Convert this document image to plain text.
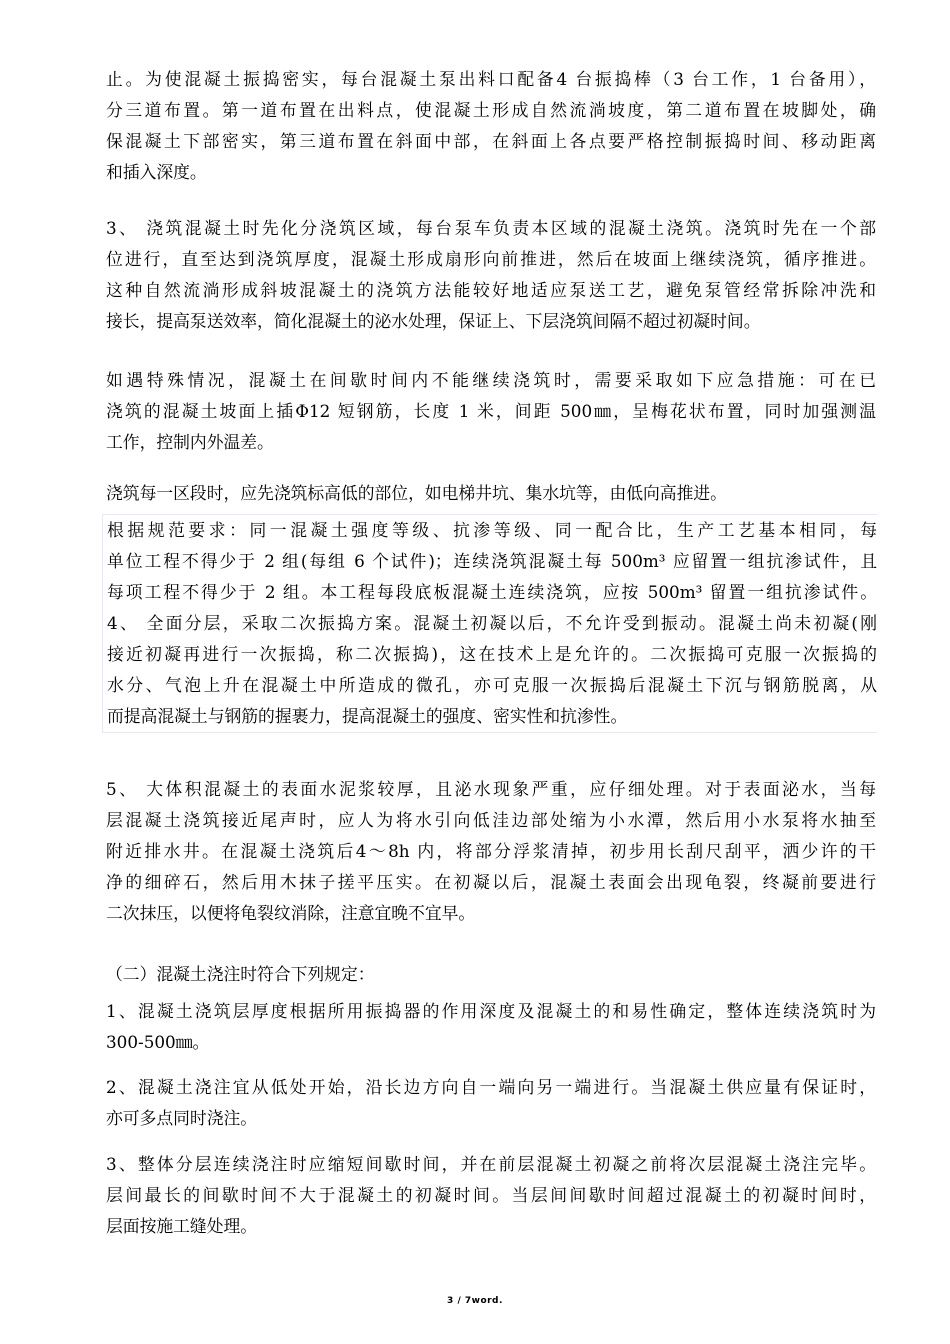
止。为使混凝土振捣密实，每台混凝土泵出料口配备4 台振捣棒（3 台工作，1 台备用），
分三道布置。第一道布置在出料点，使混凝土形成自然流淌坡度，第二道布置在坡脚处，确
保混凝土下部密实，第三道布置在斜面中部，在斜面上各点要严格控制振捣时间、移动距离
和插入深度。
3、 浇筑混凝土时先化分浇筑区域，每台泵车负责本区域的混凝土浇筑。浇筑时先在一个部
位进行，直至达到浇筑厚度，混凝土形成扇形向前推进，然后在坡面上继续浇筑，循序推进。
这种自然流淌形成斜坡混凝土的浇筑方法能较好地适应泵送工艺，避免泵管经常拆除冲洗和
接长，提高泵送效率，简化混凝土的泌水处理，保证上、下层浇筑间隔不超过初凝时间。
如遇特殊情况，混凝土在间歇时间内不能继续浇筑时，需要采取如下应急措施：可在已
浇筑的混凝土坡面上插Φ12 短钢筋，长度 1 米，间距 500㎜，呈梅花状布置，同时加强测温
工作，控制内外温差。
浇筑每一区段时，应先浇筑标高低的部位，如电梯井坑、集水坑等，由低向高推进。
根据规范要求：同一混凝土强度等级、抗渗等级、同一配合比，生产工艺基本相同，每
单位工程不得少于 2 组(每组 6 个试件)；连续浇筑混凝土每 500m³ 应留置一组抗渗试件，且
每项工程不得少于 2 组。本工程每段底板混凝土连续浇筑，应按 500m³ 留置一组抗渗试件。
4、 全面分层，采取二次振捣方案。混凝土初凝以后，不允许受到振动。混凝土尚未初凝(刚
接近初凝再进行一次振捣，称二次振捣)，这在技术上是允许的。二次振捣可克服一次振捣的
水分、气泡上升在混凝土中所造成的微孔，亦可克服一次振捣后混凝土下沉与钢筋脱离，从
而提高混凝土与钢筋的握裹力，提高混凝土的强度、密实性和抗渗性。
5、 大体积混凝土的表面水泥浆较厚，且泌水现象严重，应仔细处理。对于表面泌水，当每
层混凝土浇筑接近尾声时，应人为将水引向低洼边部处缩为小水潭，然后用小水泵将水抽至
附近排水井。在混凝土浇筑后4～8h 内，将部分浮浆清掉，初步用长刮尺刮平，洒少许的干
净的细碎石，然后用木抹子搓平压实。在初凝以后，混凝土表面会出现龟裂，终凝前要进行
二次抹压，以便将龟裂纹消除，注意宜晚不宜早。
（二）混凝土浇注时符合下列规定：
1、混凝土浇筑层厚度根据所用振捣器的作用深度及混凝土的和易性确定，整体连续浇筑时为
300-500㎜。
2、混凝土浇注宜从低处开始，沿长边方向自一端向另一端进行。当混凝土供应量有保证时，
亦可多点同时浇注。
3、整体分层连续浇注时应缩短间歇时间，并在前层混凝土初凝之前将次层混凝土浇注完毕。
层间最长的间歇时间不大于混凝土的初凝时间。当层间间歇时间超过混凝土的初凝时间时，
层面按施工缝处理。
3 / 7word.
